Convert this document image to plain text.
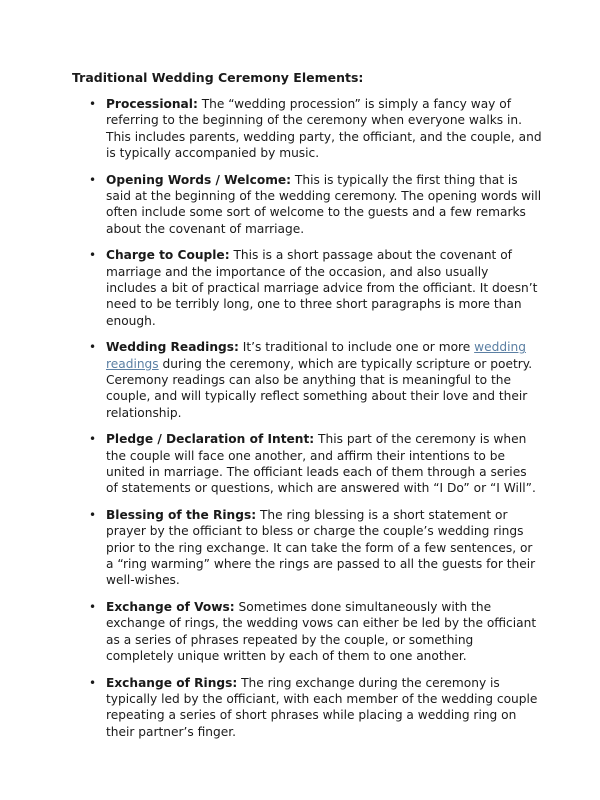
Traditional Wedding Ceremony Elements:
• Processional: The “wedding procession” is simply a fancy way of referring to the beginning of the ceremony when everyone walks in. This includes parents, wedding party, the officiant, and the couple, and is typically accompanied by music.
• Opening Words / Welcome: This is typically the first thing that is said at the beginning of the wedding ceremony. The opening words will often include some sort of welcome to the guests and a few remarks about the covenant of marriage.
• Charge to Couple: This is a short passage about the covenant of marriage and the importance of the occasion, and also usually includes a bit of practical marriage advice from the officiant. It doesn’t need to be terribly long, one to three short paragraphs is more than enough.
• Wedding Readings: It’s traditional to include one or more wedding readings during the ceremony, which are typically scripture or poetry. Ceremony readings can also be anything that is meaningful to the couple, and will typically reflect something about their love and their relationship.
• Pledge / Declaration of Intent: This part of the ceremony is when the couple will face one another, and affirm their intentions to be united in marriage. The officiant leads each of them through a series of statements or questions, which are answered with “I Do” or “I Will”.
• Blessing of the Rings: The ring blessing is a short statement or prayer by the officiant to bless or charge the couple’s wedding rings prior to the ring exchange. It can take the form of a few sentences, or a “ring warming” where the rings are passed to all the guests for their well-wishes.
• Exchange of Vows: Sometimes done simultaneously with the exchange of rings, the wedding vows can either be led by the officiant as a series of phrases repeated by the couple, or something completely unique written by each of them to one another.
• Exchange of Rings: The ring exchange during the ceremony is typically led by the officiant, with each member of the wedding couple repeating a series of short phrases while placing a wedding ring on their partner’s finger.
